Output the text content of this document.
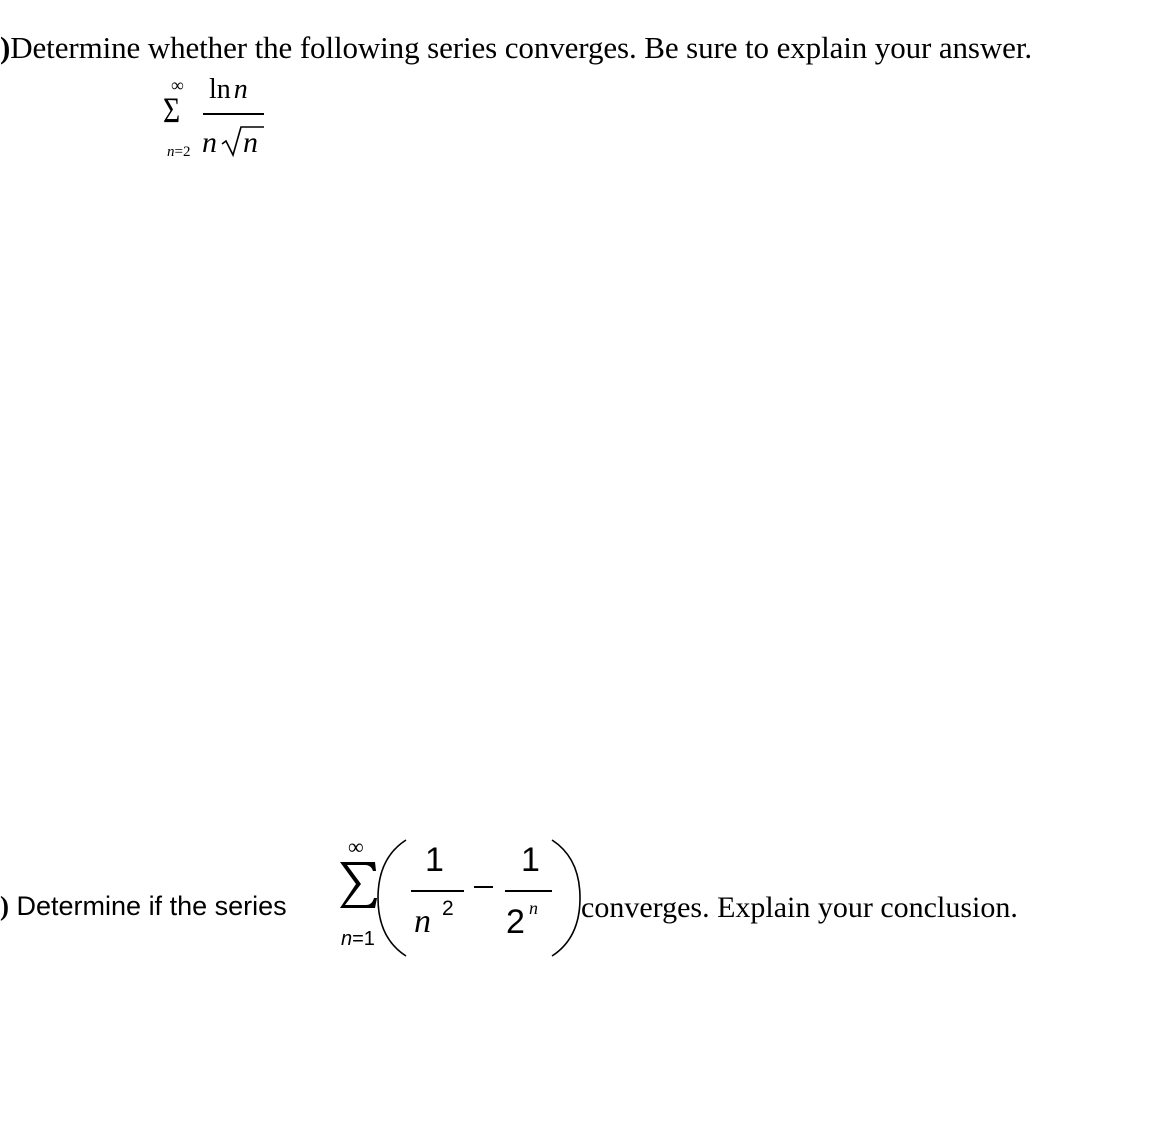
)Determine whether the following series converges. Be sure to explain your answer.
∞
Σ
n=2
ln n
n n
) Determine if the series
∞
n=1
1
n 2
1
2 n converges. Explain your conclusion.
